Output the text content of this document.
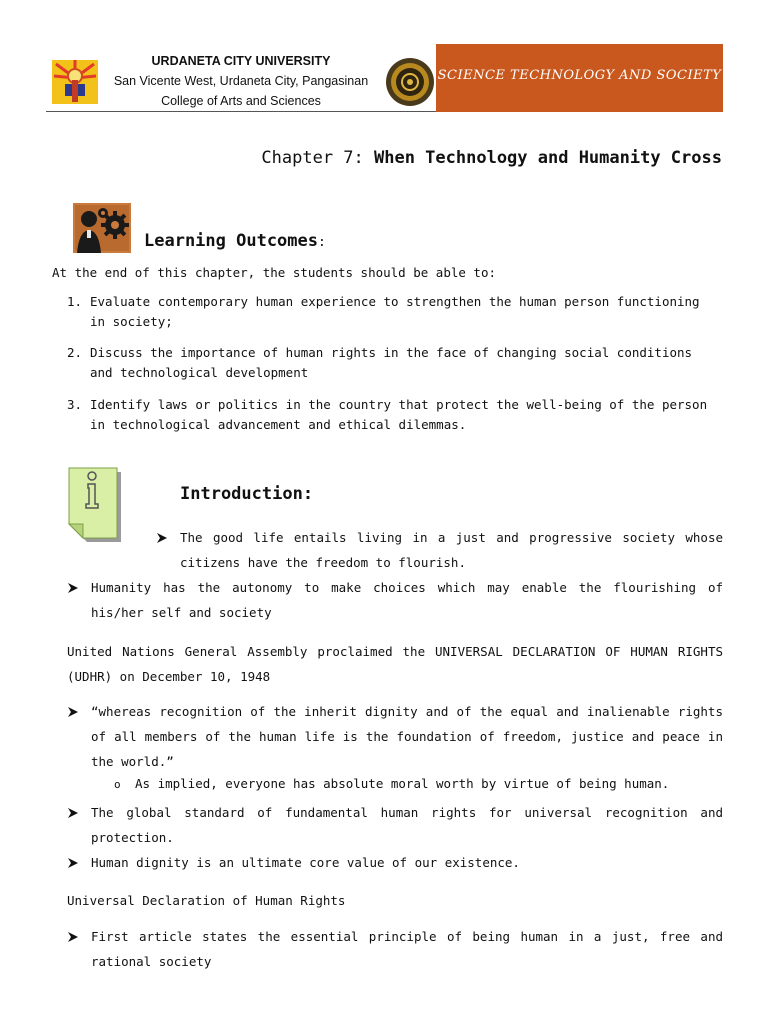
URDANETA CITY UNIVERSITY
San Vicente West, Urdaneta City, Pangasinan
College of Arts and Sciences
SCIENCE TECHNOLOGY AND SOCIETY
Chapter 7: When Technology and Humanity Cross
Learning Outcomes:
At the end of this chapter, the students should be able to:
1. Evaluate contemporary human experience to strengthen the human person functioning in society;
2. Discuss the importance of human rights in the face of changing social conditions and technological development
3. Identify laws or politics in the country that protect the well-being of the person in technological advancement and ethical dilemmas.
Introduction:
The good life entails living in a just and progressive society whose citizens have the freedom to flourish.
Humanity has the autonomy to make choices which may enable the flourishing of his/her self and society
United Nations General Assembly proclaimed the UNIVERSAL DECLARATION OF HUMAN RIGHTS (UDHR) on December 10, 1948
“whereas recognition of the inherit dignity and of the equal and inalienable rights of all members of the human life is the foundation of freedom, justice and peace in the world.”
o As implied, everyone has absolute moral worth by virtue of being human.
The global standard of fundamental human rights for universal recognition and protection.
Human dignity is an ultimate core value of our existence.
Universal Declaration of Human Rights
First article states the essential principle of being human in a just, free and rational society
